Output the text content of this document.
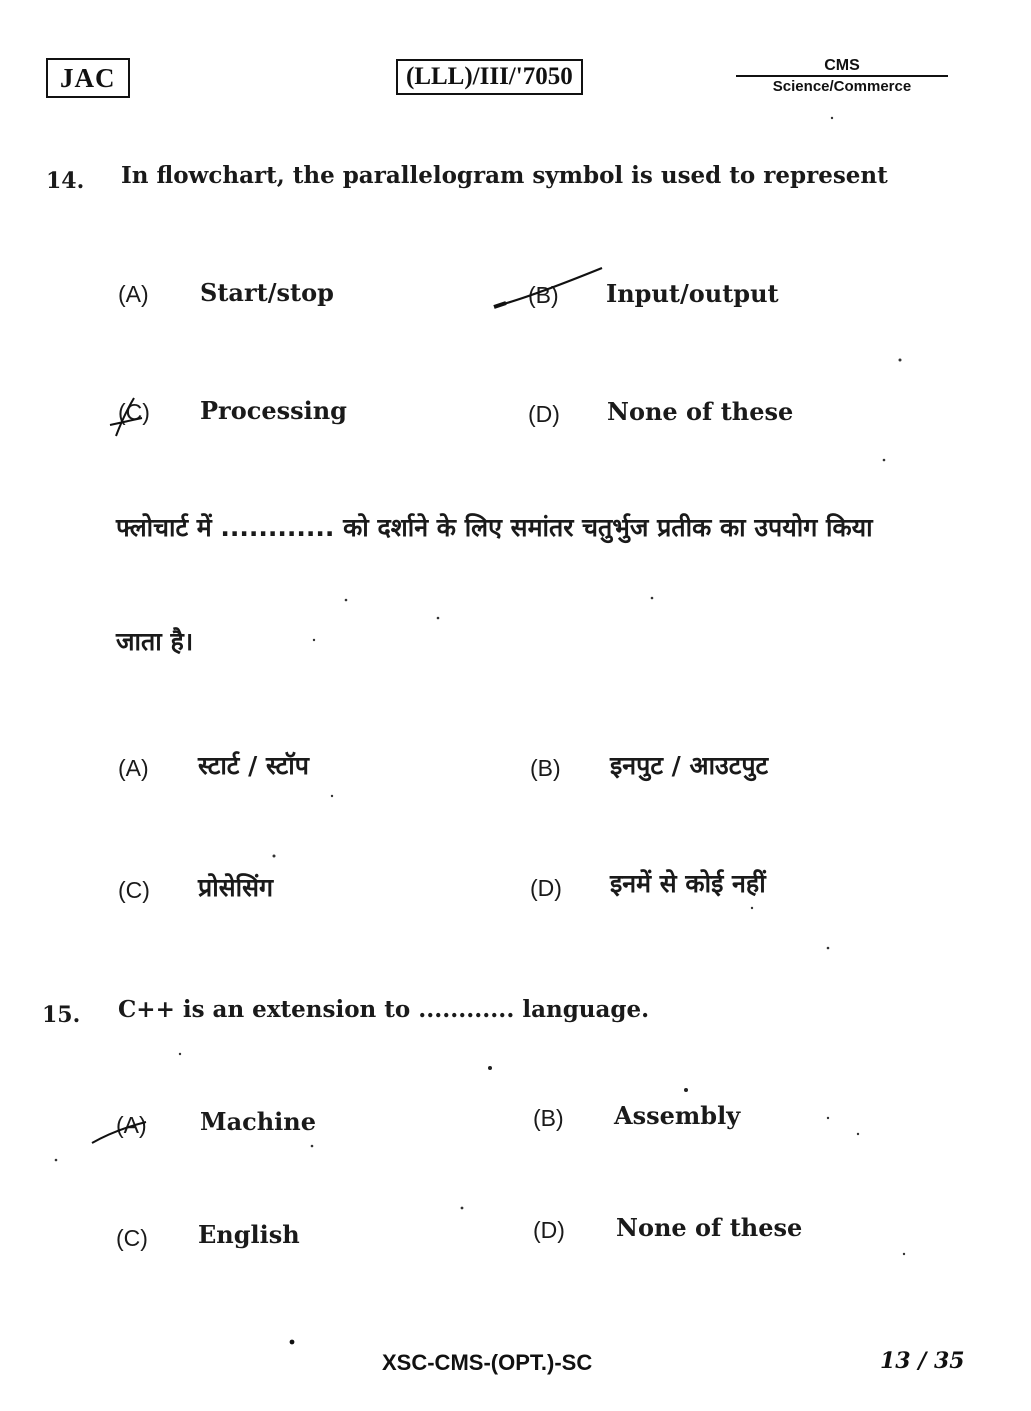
JAC	(LLL)/III/'7050	CMS
Science/Commerce
14. In flowchart, the parallelogram symbol is used to represent
(A) Start/stop	(B) Input/output
(C) Processing	(D) None of these
फ्लोचार्ट में ............ को दर्शाने के लिए समांतर चतुर्भुज प्रतीक का उपयोग किया
जाता है।
(A) स्टार्ट / स्टॉप	(B) इनपुट / आउटपुट
(C) प्रोसेसिंग	(D) इनमें से कोई नहीं
15. C++ is an extension to ............ language.
(A) Machine	(B) Assembly
(C) English	(D) None of these
XSC-CMS-(OPT.)-SC	13 / 35
